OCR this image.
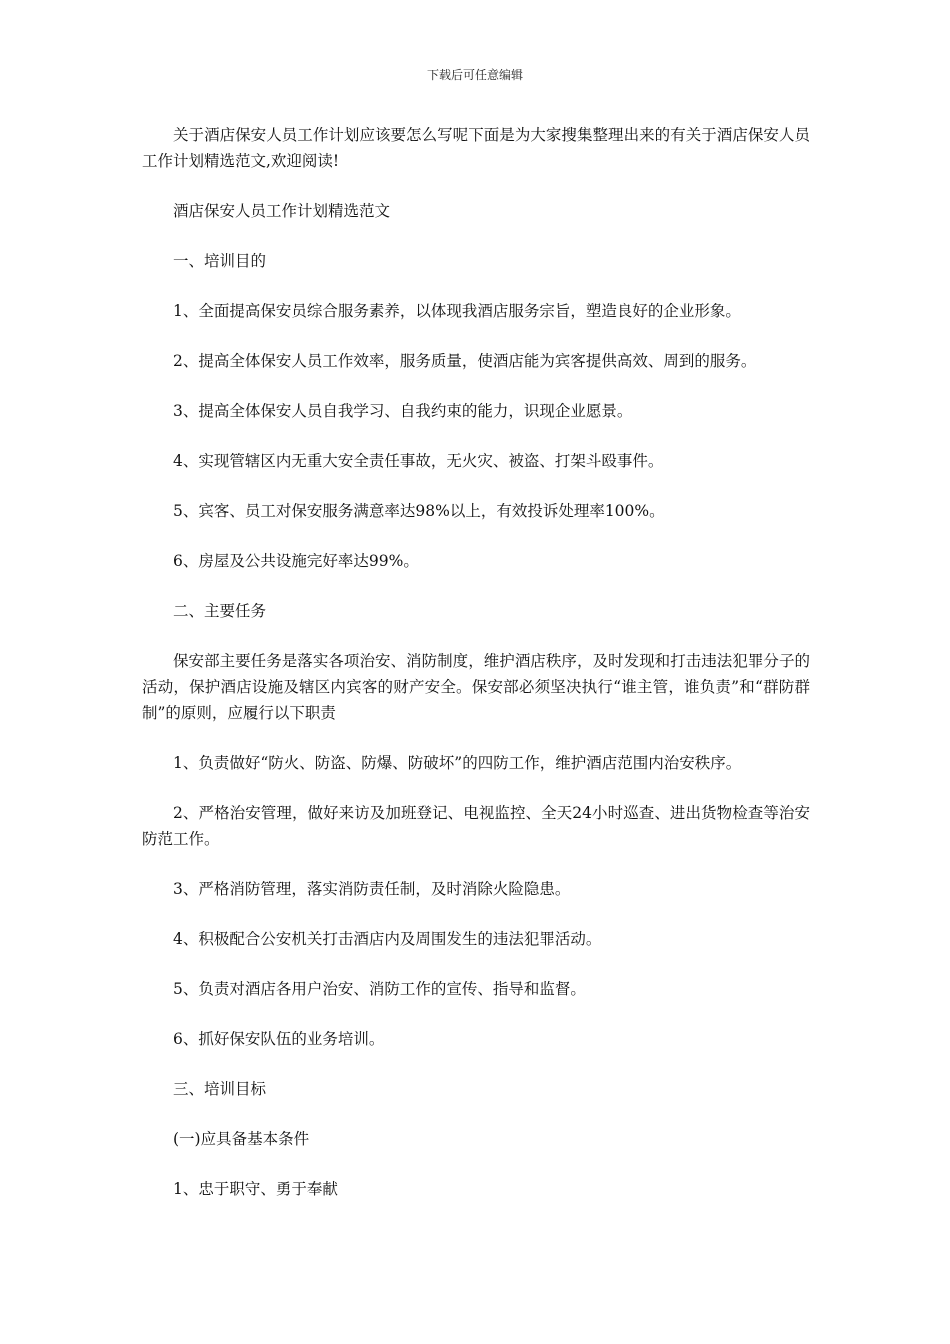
下载后可任意编辑

关于酒店保安人员工作计划应该要怎么写呢下面是为大家搜集整理出来的有关于酒店保安人员工作计划精选范文,欢迎阅读!

酒店保安人员工作计划精选范文

一、培训目的

1、全面提高保安员综合服务素养，以体现我酒店服务宗旨，塑造良好的企业形象。

2、提高全体保安人员工作效率，服务质量，使酒店能为宾客提供高效、周到的服务。

3、提高全体保安人员自我学习、自我约束的能力，识现企业愿景。

4、实现管辖区内无重大安全责任事故，无火灾、被盗、打架斗殴事件。

5、宾客、员工对保安服务满意率达98%以上，有效投诉处理率100%。

6、房屋及公共设施完好率达99%。

二、主要任务

保安部主要任务是落实各项治安、消防制度，维护酒店秩序，及时发现和打击违法犯罪分子的活动，保护酒店设施及辖区内宾客的财产安全。保安部必须坚决执行“谁主管，谁负责”和“群防群制”的原则，应履行以下职责

1、负责做好“防火、防盗、防爆、防破坏”的四防工作，维护酒店范围内治安秩序。

2、严格治安管理，做好来访及加班登记、电视监控、全天24小时巡查、进出货物检查等治安防范工作。

3、严格消防管理，落实消防责任制，及时消除火险隐患。

4、积极配合公安机关打击酒店内及周围发生的违法犯罪活动。

5、负责对酒店各用户治安、消防工作的宣传、指导和监督。

6、抓好保安队伍的业务培训。

三、培训目标

(一)应具备基本条件

1、忠于职守、勇于奉献
